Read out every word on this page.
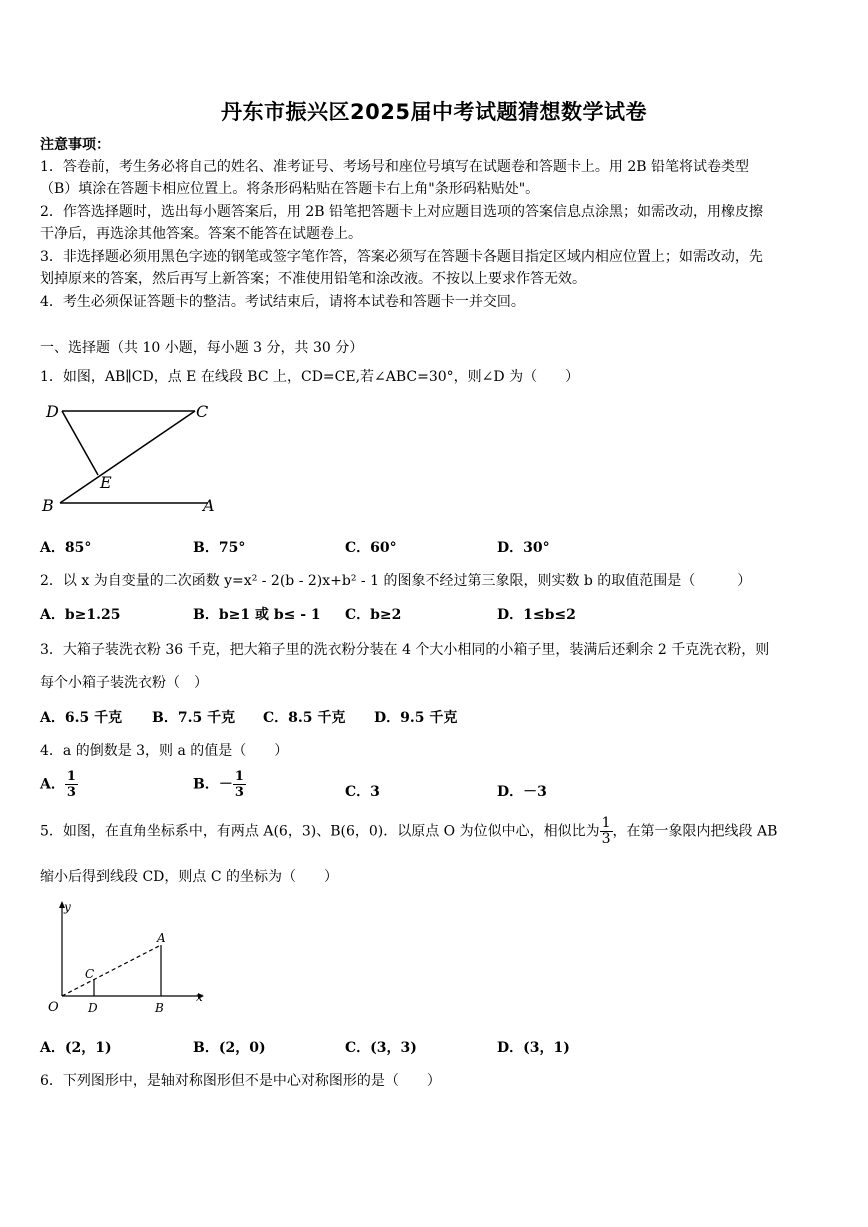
丹东市振兴区2025届中考试题猜想数学试卷
注意事项：
1．答卷前，考生务必将自己的姓名、准考证号、考场号和座位号填写在试题卷和答题卡上。用 2B 铅笔将试卷类型
（B）填涂在答题卡相应位置上。将条形码粘贴在答题卡右上角"条形码粘贴处"。
2．作答选择题时，选出每小题答案后，用 2B 铅笔把答题卡上对应题目选项的答案信息点涂黑；如需改动，用橡皮擦
干净后，再选涂其他答案。答案不能答在试题卷上。
3．非选择题必须用黑色字迹的钢笔或签字笔作答，答案必须写在答题卡各题目指定区域内相应位置上；如需改动，先
划掉原来的答案，然后再写上新答案；不准使用铅笔和涂改液。不按以上要求作答无效。
4．考生必须保证答题卡的整洁。考试结束后，请将本试卷和答题卡一并交回。
一、选择题（共 10 小题，每小题 3 分，共 30 分）
1．如图，AB∥CD，点 E 在线段 BC 上，CD=CE,若∠ABC=30°，则∠D 为（　　）
D	C
E
B	A
A．85°	B．75°	C．60°	D．30°
2．以 x 为自变量的二次函数 y=x² - 2(b - 2)x+b² - 1 的图象不经过第三象限，则实数 b 的取值范围是（　　　）
A．b≥1.25	B．b≥1 或 b≤ - 1 C．b≥2	D．1≤b≤2
3．大箱子装洗衣粉 36 千克，把大箱子里的洗衣粉分装在 4 个大小相同的小箱子里，装满后还剩余 2 千克洗衣粉，则
每个小箱子装洗衣粉（　）
A．6.5 千克 B．7.5 千克 C．8.5 千克 D．9.5 千克
4．a 的倒数是 3，则 a 的值是（　　）
A． $\frac{1}{3}$	B．－ $\frac{1}{3}$	C．3	D．－3
5．如图，在直角坐标系中，有两点 A(6，3)、B(6，0)．以原点 O 为位似中心，相似比为 $\frac{1}{3}$ ，在第一象限内把线段 AB
缩小后得到线段 CD，则点 C 的坐标为（　　）
y
x
O
A
B
C
D
A．(2，1)	B．(2，0)	C．(3，3)	D．(3，1)
6．下列图形中，是轴对称图形但不是中心对称图形的是（　　）
